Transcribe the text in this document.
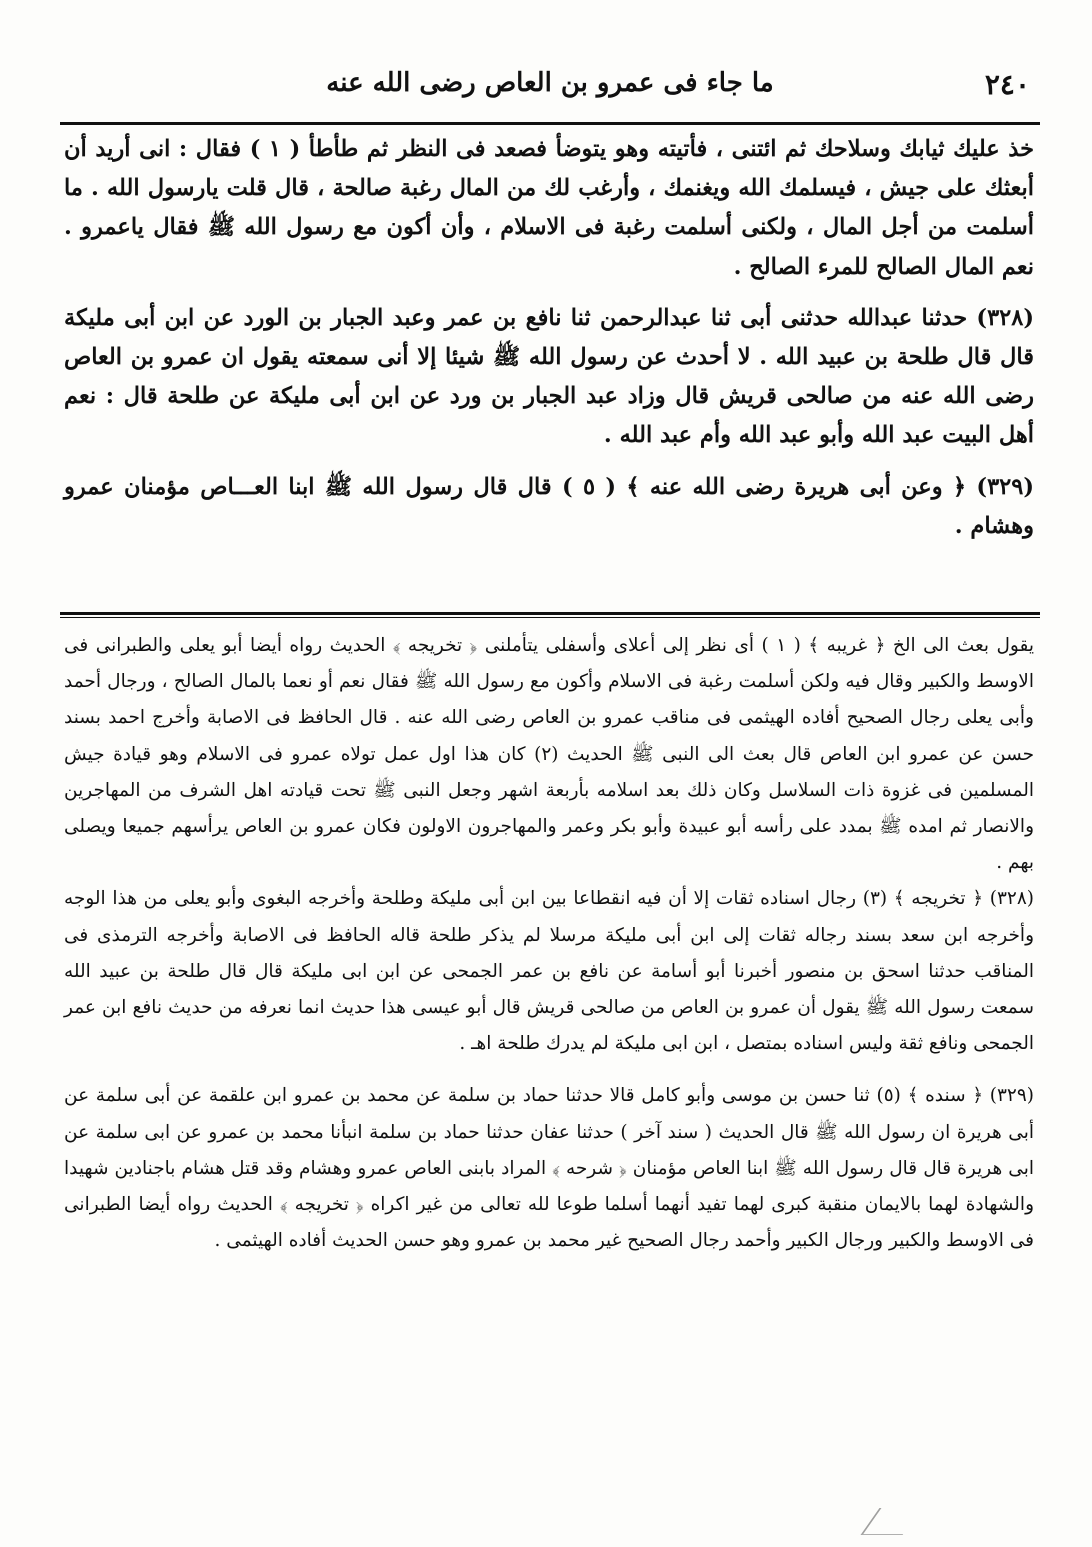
٢٤٠
ما جاء فى عمرو بن العاص رضى الله عنه

خذ عليك ثيابك وسلاحك ثم ائتنى ، فأتيته وهو يتوضأ فصعد فى النظر ثم طأطأ ( ١ ) فقال : انى أريد أن أبعثك على جيش ، فيسلمك الله ويغنمك ، وأرغب لك من المال رغبة صالحة ، قال قلت يارسول الله . ما أسلمت من أجل المال ، ولكنى أسلمت رغبة فى الاسلام ، وأن أكون مع رسول الله ﷺ فقال ياعمرو . نعم المال الصالح للمرء الصالح .

(٣٢٨) حدثنا عبدالله حدثنى أبى ثنا عبدالرحمن ثنا نافع بن عمر وعبد الجبار بن الورد عن ابن أبى مليكة قال قال طلحة بن عبيد الله . لا أحدث عن رسول الله ﷺ شيئا إلا أنى سمعته يقول ان عمرو بن العاص رضى الله عنه من صالحى قريش قال وزاد عبد الجبار بن ورد عن ابن أبى مليكة عن طلحة قال : نعم أهل البيت عبد الله وأبو عبد الله وأم عبد الله .

(٣٢٩) ﴿ وعن أبى هريرة رضى الله عنه ﴾ ( ٥ ) قال قال رسول الله ﷺ ابنا العـــاص مؤمنان عمرو وهشام .

يقول بعث الى الخ ﴿ غريبه ﴾ ( ١ ) أى نظر إلى أعلاى وأسفلى يتأملنى ﴿ تخريجه ﴾ الحديث رواه أيضا أبو يعلى والطبرانى فى الاوسط والكبير وقال فيه ولكن أسلمت رغبة فى الاسلام وأكون مع رسول الله ﷺ فقال نعم أو نعما بالمال الصالح ، ورجال أحمد وأبى يعلى رجال الصحيح أفاده الهيثمى فى مناقب عمرو بن العاص رضى الله عنه . قال الحافظ فى الاصابة وأخرج احمد بسند حسن عن عمرو ابن العاص قال بعث الى النبى ﷺ الحديث (٢) كان هذا اول عمل تولاه عمرو فى الاسلام وهو قيادة جيش المسلمين فى غزوة ذات السلاسل وكان ذلك بعد اسلامه بأربعة اشهر وجعل النبى ﷺ تحت قيادته اهل الشرف من المهاجرين والانصار ثم امده ﷺ بمدد على رأسه أبو عبيدة وأبو بكر وعمر والمهاجرون الاولون فكان عمرو بن العاص يرأسهم جميعا ويصلى بهم .

(٣٢٨) ﴿ تخريجه ﴾ (٣) رجال اسناده ثقات إلا أن فيه انقطاعا بين ابن أبى مليكة وطلحة وأخرجه البغوى وأبو يعلى من هذا الوجه وأخرجه ابن سعد بسند رجاله ثقات إلى ابن أبى مليكة مرسلا لم يذكر طلحة قاله الحافظ فى الاصابة وأخرجه الترمذى فى المناقب حدثنا اسحق بن منصور أخبرنا أبو أسامة عن نافع بن عمر الجمحى عن ابن ابى مليكة قال قال طلحة بن عبيد الله سمعت رسول الله ﷺ يقول أن عمرو بن العاص من صالحى قريش قال أبو عيسى هذا حديث انما نعرفه من حديث نافع ابن عمر الجمحى ونافع ثقة وليس اسناده بمتصل ، ابن ابى مليكة لم يدرك طلحة اهـ .

(٣٢٩) ﴿ سنده ﴾ (٥) ثنا حسن بن موسى وأبو كامل قالا حدثنا حماد بن سلمة عن محمد بن عمرو ابن علقمة عن أبى سلمة عن أبى هريرة ان رسول الله ﷺ قال الحديث ( سند آخر ) حدثنا عفان حدثنا حماد بن سلمة انبأنا محمد بن عمرو عن ابى سلمة عن ابى هريرة قال قال رسول الله ﷺ ابنا العاص مؤمنان ﴿ شرحه ﴾ المراد بابنى العاص عمرو وهشام وقد قتل هشام باجنادين شهيدا والشهادة لهما بالايمان منقبة كبرى لهما تفيد أنهما أسلما طوعا لله تعالى من غير اكراه ﴿ تخريجه ﴾ الحديث رواه أيضا الطبرانى فى الاوسط والكبير ورجال الكبير وأحمد رجال الصحيح غير محمد بن عمرو وهو حسن الحديث أفاده الهيثمى .
